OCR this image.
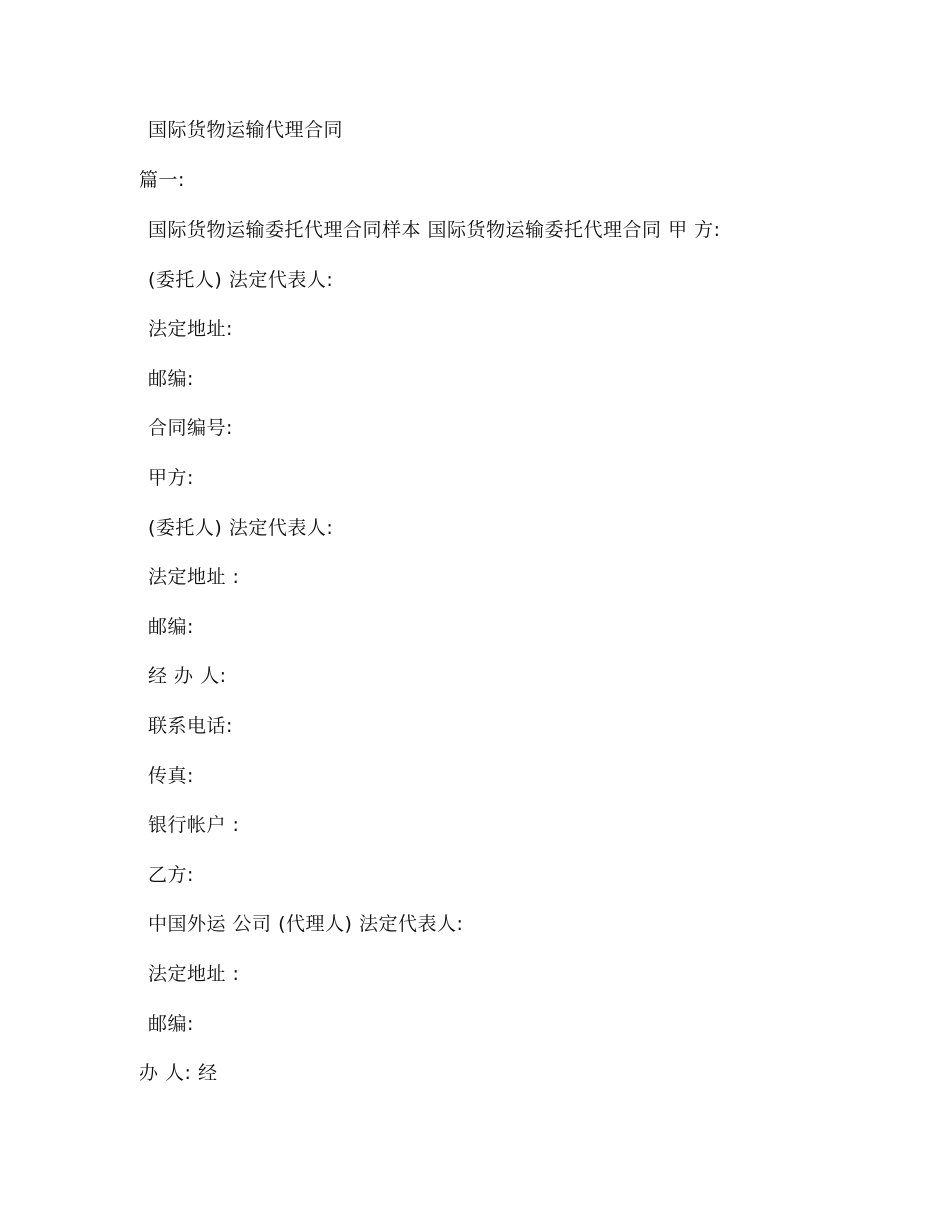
国际货物运输代理合同
篇一:
国际货物运输委托代理合同样本 国际货物运输委托代理合同 甲 方:
(委托人) 法定代表人:
法定地址:
邮编:
合同编号:
甲方:
(委托人) 法定代表人:
法定地址 :
邮编:
经 办 人:
联系电话:
传真:
银行帐户 :
乙方:
中国外运 公司 (代理人) 法定代表人:
法定地址 :
邮编:
办 人: 经
